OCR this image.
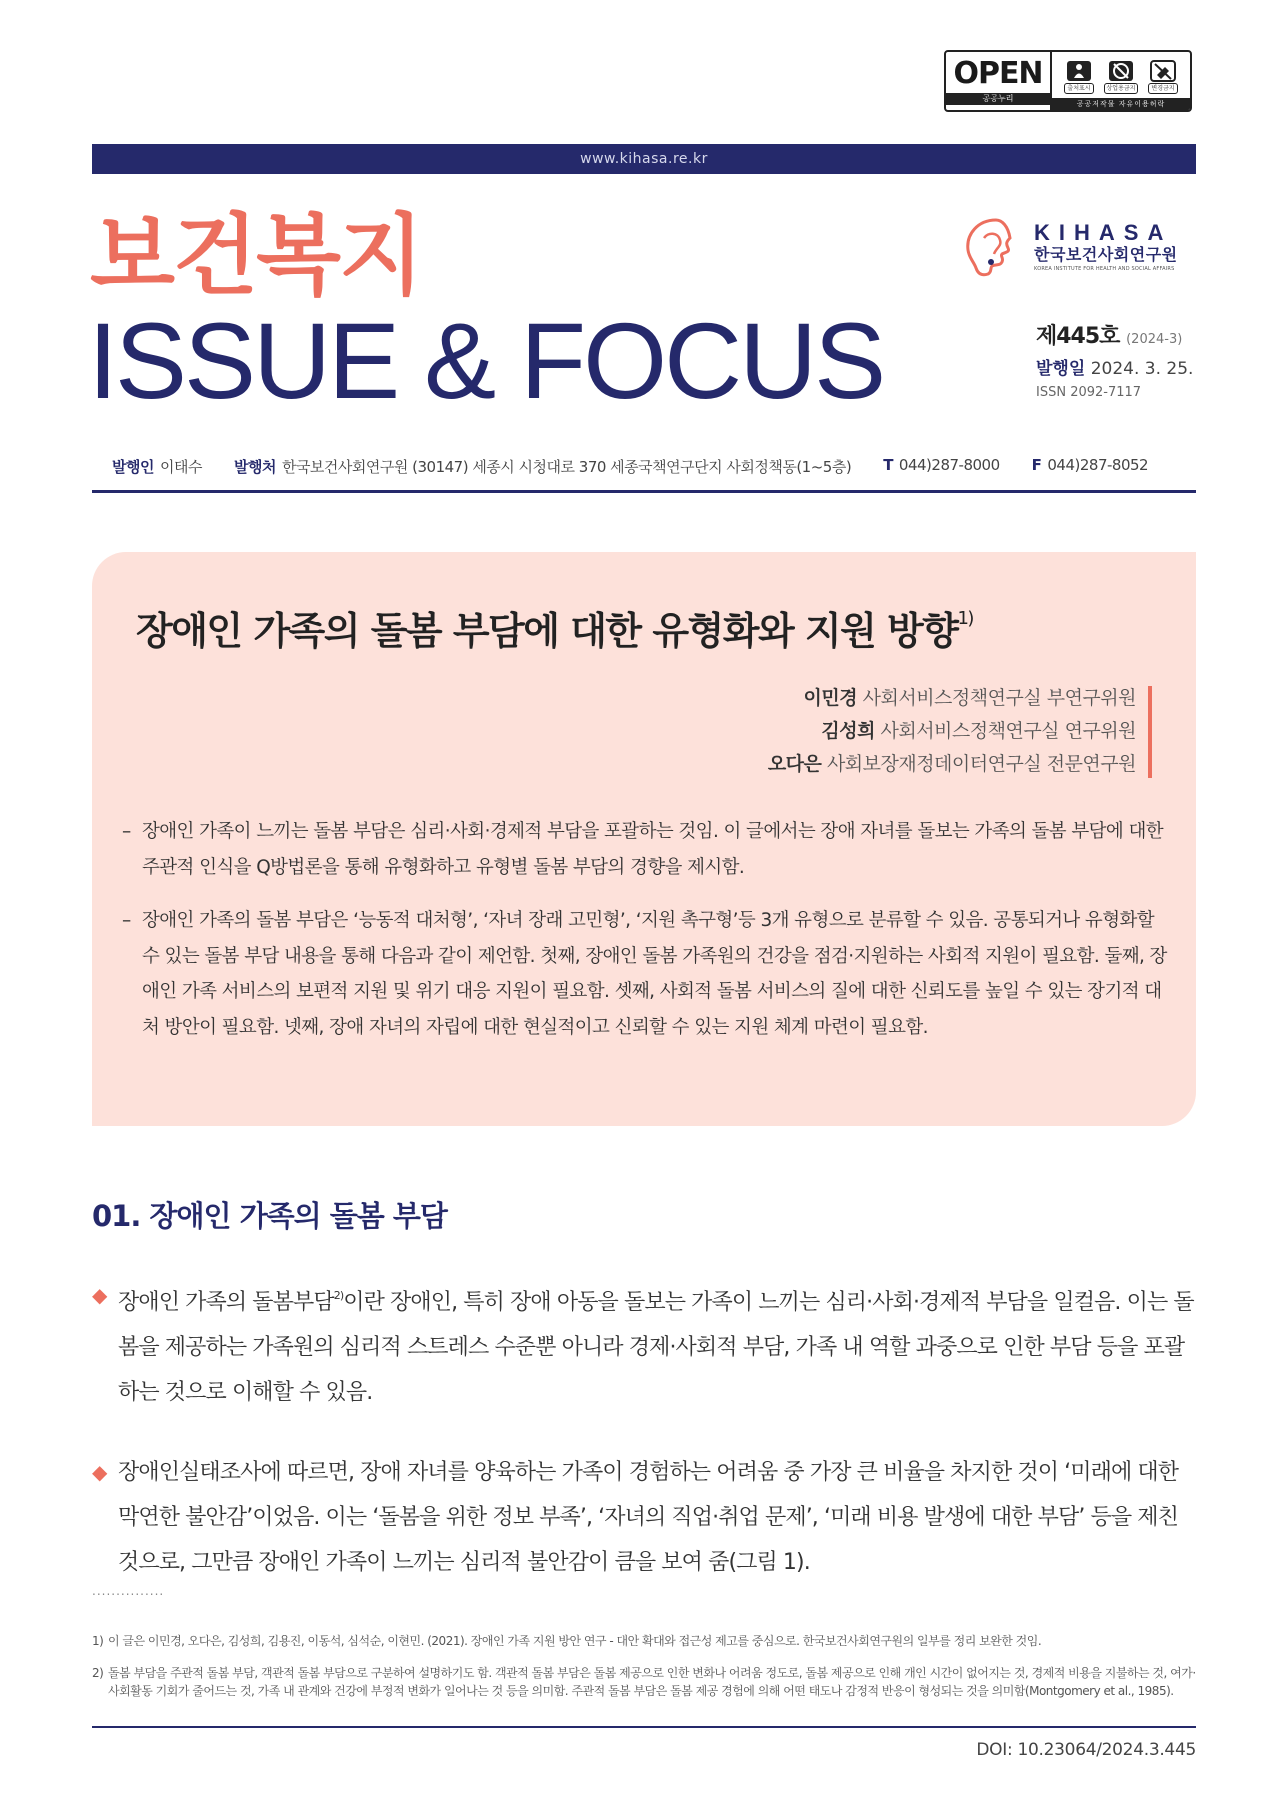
OPEN
공공누리
출처표시	상업용금지	변경금지
공공저작물 자유이용허락
www.kihasa.re.kr
보건복지
ISSUE & FOCUS
KIHASA
한국보건사회연구원
KOREA INSTITUTE FOR HEALTH AND SOCIAL AFFAIRS
제445호 (2024-3)
발행일 2024. 3. 25.
ISSN 2092-7117
발행인 이태수 발행처 한국보건사회연구원 (30147) 세종시 시청대로 370 세종국책연구단지 사회정책동(1~5층) T 044)287-8000 F 044)287-8052
장애인 가족의 돌봄 부담에 대한 유형화와 지원 방향$^{1)}$
이민경 사회서비스정책연구실 부연구위원
김성희 사회서비스정책연구실 연구위원
오다은 사회보장재정데이터연구실 전문연구원
– 장애인 가족이 느끼는 돌봄 부담은 심리·사회·경제적 부담을 포괄하는 것임. 이 글에서는 장애 자녀를 돌보는 가족의 돌봄 부담에 대한 주관적 인식을 Q방법론을 통해 유형화하고 유형별 돌봄 부담의 경향을 제시함.
– 장애인 가족의 돌봄 부담은 ‘능동적 대처형’, ‘자녀 장래 고민형’, ‘지원 촉구형’등 3개 유형으로 분류할 수 있음. 공통되거나 유형화할 수 있는 돌봄 부담 내용을 통해 다음과 같이 제언함. 첫째, 장애인 돌봄 가족원의 건강을 점검·지원하는 사회적 지원이 필요함. 둘째, 장애인 가족 서비스의 보편적 지원 및 위기 대응 지원이 필요함. 셋째, 사회적 돌봄 서비스의 질에 대한 신뢰도를 높일 수 있는 장기적 대처 방안이 필요함. 넷째, 장애 자녀의 자립에 대한 현실적이고 신뢰할 수 있는 지원 체계 마련이 필요함.
01. 장애인 가족의 돌봄 부담

◆ 장애인 가족의 돌봄부담$^{2)}$이란 장애인, 특히 장애 아동을 돌보는 가족이 느끼는 심리·사회·경제적 부담을 일컬음. 이는 돌봄을 제공하는 가족원의 심리적 스트레스 수준뿐 아니라 경제·사회적 부담, 가족 내 역할 과중으로 인한 부담 등을 포괄하는 것으로 이해할 수 있음.

◆ 장애인실태조사에 따르면, 장애 자녀를 양육하는 가족이 경험하는 어려움 중 가장 큰 비율을 차지한 것이 ‘미래에 대한 막연한 불안감’이었음. 이는 ‘돌봄을 위한 정보 부족’, ‘자녀의 직업·취업 문제’, ‘미래 비용 발생에 대한 부담’ 등을 제친 것으로, 그만큼 장애인 가족이 느끼는 심리적 불안감이 큼을 보여 줌(그림 1).

...............
1) 이 글은 이민경, 오다은, 김성희, 김용진, 이동석, 심석순, 이현민. (2021). 장애인 가족 지원 방안 연구 - 대안 확대와 접근성 제고를 중심으로. 한국보건사회연구원의 일부를 정리 보완한 것임.
2) 돌봄 부담을 주관적 돌봄 부담, 객관적 돌봄 부담으로 구분하여 설명하기도 함. 객관적 돌봄 부담은 돌봄 제공으로 인한 변화나 어려움 정도로, 돌봄 제공으로 인해 개인 시간이 없어지는 것, 경제적 비용을 지불하는 것, 여가·사회활동 기회가 줄어드는 것, 가족 내 관계와 건강에 부정적 변화가 일어나는 것 등을 의미함. 주관적 돌봄 부담은 돌봄 제공 경험에 의해 어떤 태도나 감정적 반응이 형성되는 것을 의미함(Montgomery et al., 1985).
DOI: 10.23064/2024.3.445
